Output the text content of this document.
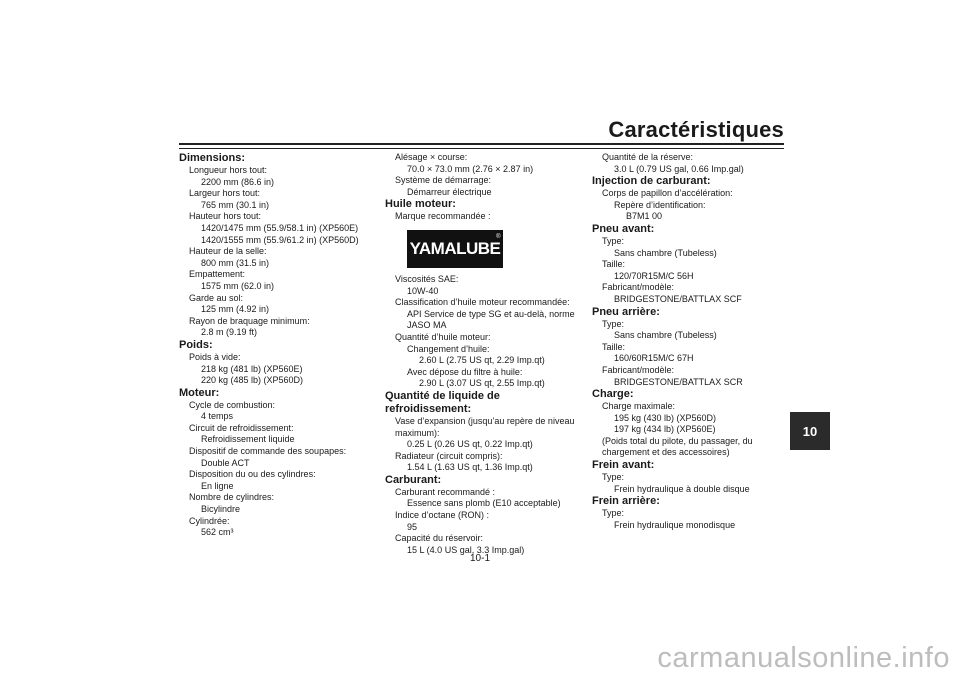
Caractéristiques
10
Dimensions:
Longueur hors tout:
2200 mm (86.6 in)
Largeur hors tout:
765 mm (30.1 in)
Hauteur hors tout:
1420/1475 mm (55.9/58.1 in) (XP560E)
1420/1555 mm (55.9/61.2 in) (XP560D)
Hauteur de la selle:
800 mm (31.5 in)
Empattement:
1575 mm (62.0 in)
Garde au sol:
125 mm (4.92 in)
Rayon de braquage minimum:
2.8 m (9.19 ft)
Poids:
Poids à vide:
218 kg (481 lb) (XP560E)
220 kg (485 lb) (XP560D)
Moteur:
Cycle de combustion:
4 temps
Circuit de refroidissement:
Refroidissement liquide
Dispositif de commande des soupapes:
Double ACT
Disposition du ou des cylindres:
En ligne
Nombre de cylindres:
Bicylindre
Cylindrée:
562 cm³
Alésage × course:
70.0 × 73.0 mm (2.76 × 2.87 in)
Système de démarrage:
Démarreur électrique
Huile moteur:
Marque recommandée :
YAMALUBE
®
Viscosités SAE:
10W-40
Classification d’huile moteur recommandée:
API Service de type SG et au-delà, norme
JASO MA
Quantité d’huile moteur:
Changement d’huile:
2.60 L (2.75 US qt, 2.29 Imp.qt)
Avec dépose du filtre à huile:
2.90 L (3.07 US qt, 2.55 Imp.qt)
Quantité de liquide de refroidissement:
Vase d’expansion (jusqu’au repère de niveau
maximum):
0.25 L (0.26 US qt, 0.22 Imp.qt)
Radiateur (circuit compris):
1.54 L (1.63 US qt, 1.36 Imp.qt)
Carburant:
Carburant recommandé :
Essence sans plomb (E10 acceptable)
Indice d’octane (RON) :
95
Capacité du réservoir:
15 L (4.0 US gal, 3.3 Imp.gal)
Quantité de la réserve:
3.0 L (0.79 US gal, 0.66 Imp.gal)
Injection de carburant:
Corps de papillon d’accélération:
Repère d’identification:
B7M1 00
Pneu avant:
Type:
Sans chambre (Tubeless)
Taille:
120/70R15M/C 56H
Fabricant/modèle:
BRIDGESTONE/BATTLAX SCF
Pneu arrière:
Type:
Sans chambre (Tubeless)
Taille:
160/60R15M/C 67H
Fabricant/modèle:
BRIDGESTONE/BATTLAX SCR
Charge:
Charge maximale:
195 kg (430 lb) (XP560D)
197 kg (434 lb) (XP560E)
(Poids total du pilote, du passager, du
chargement et des accessoires)
Frein avant:
Type:
Frein hydraulique à double disque
Frein arrière:
Type:
Frein hydraulique monodisque
10-1
carmanualsonline.info
